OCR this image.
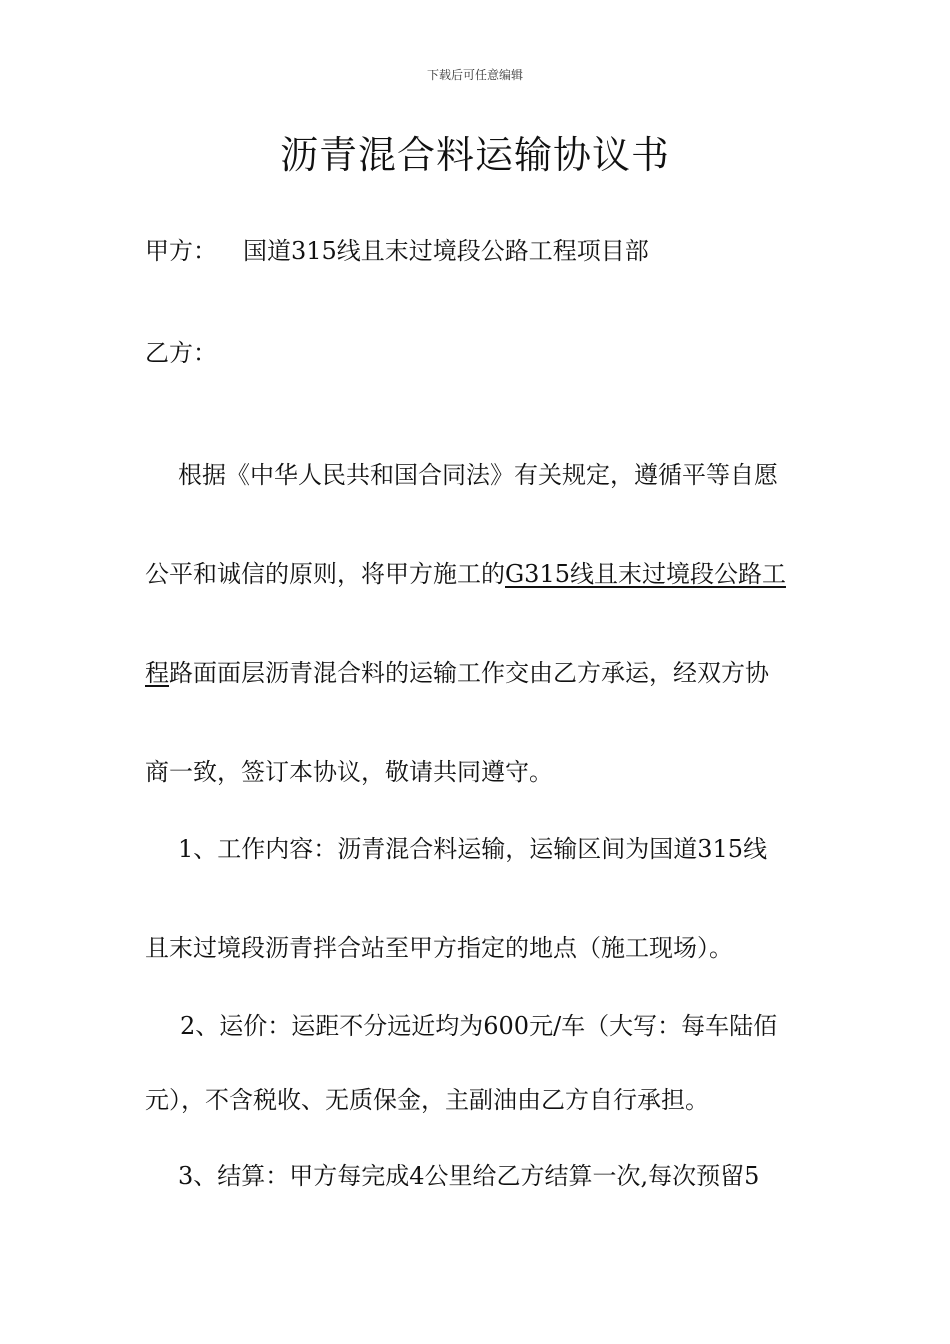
下载后可任意编辑
沥青混合料运输协议书
甲方： 国道315线且末过境段公路工程项目部
乙方：
根据《中华人民共和国合同法》有关规定，遵循平等自愿
公平和诚信的原则，将甲方施工的G315线且末过境段公路工
程路面面层沥青混合料的运输工作交由乙方承运，经双方协
商一致，签订本协议，敬请共同遵守。
1、工作内容：沥青混合料运输，运输区间为国道315线
且末过境段沥青拌合站至甲方指定的地点（施工现场）。
2、运价：运距不分远近均为600元/车（大写：每车陆佰
元），不含税收、无质保金，主副油由乙方自行承担。
3、结算：甲方每完成4公里给乙方结算一次,每次预留5
